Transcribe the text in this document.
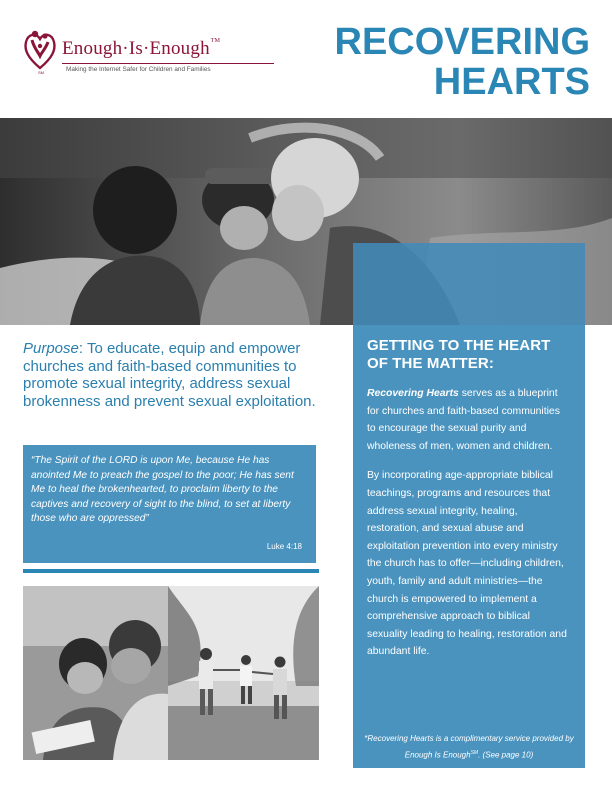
Enough·Is·Enough™
Making the Internet Safer for Children and Families
SM
RECOVERING
HEARTS
GETTING TO THE HEART OF THE MATTER:

Recovering Hearts serves as a blueprint for churches and faith-based communities to encourage the sexual purity and wholeness of men, women and children.

By incorporating age-appropriate biblical teachings, programs and resources that address sexual integrity, healing, restoration, and sexual abuse and exploitation prevention into every ministry the church has to offer—including children, youth, family and adult ministries—the church is empowered to implement a comprehensive approach to biblical sexuality leading to healing, restoration and abundant life.

*Recovering Hearts is a complimentary service provided by Enough Is Enough℠. (See page 10)
Purpose: To educate, equip and empower churches and faith-based communities to promote sexual integrity, address sexual brokenness and prevent sexual exploitation.

“The Spirit of the LORD is upon Me, because He has anointed Me to preach the gospel to the poor; He has sent Me to heal the brokenhearted, to proclaim liberty to the captives and recovery of sight to the blind, to set at liberty those who are oppressed”

Luke 4:18
